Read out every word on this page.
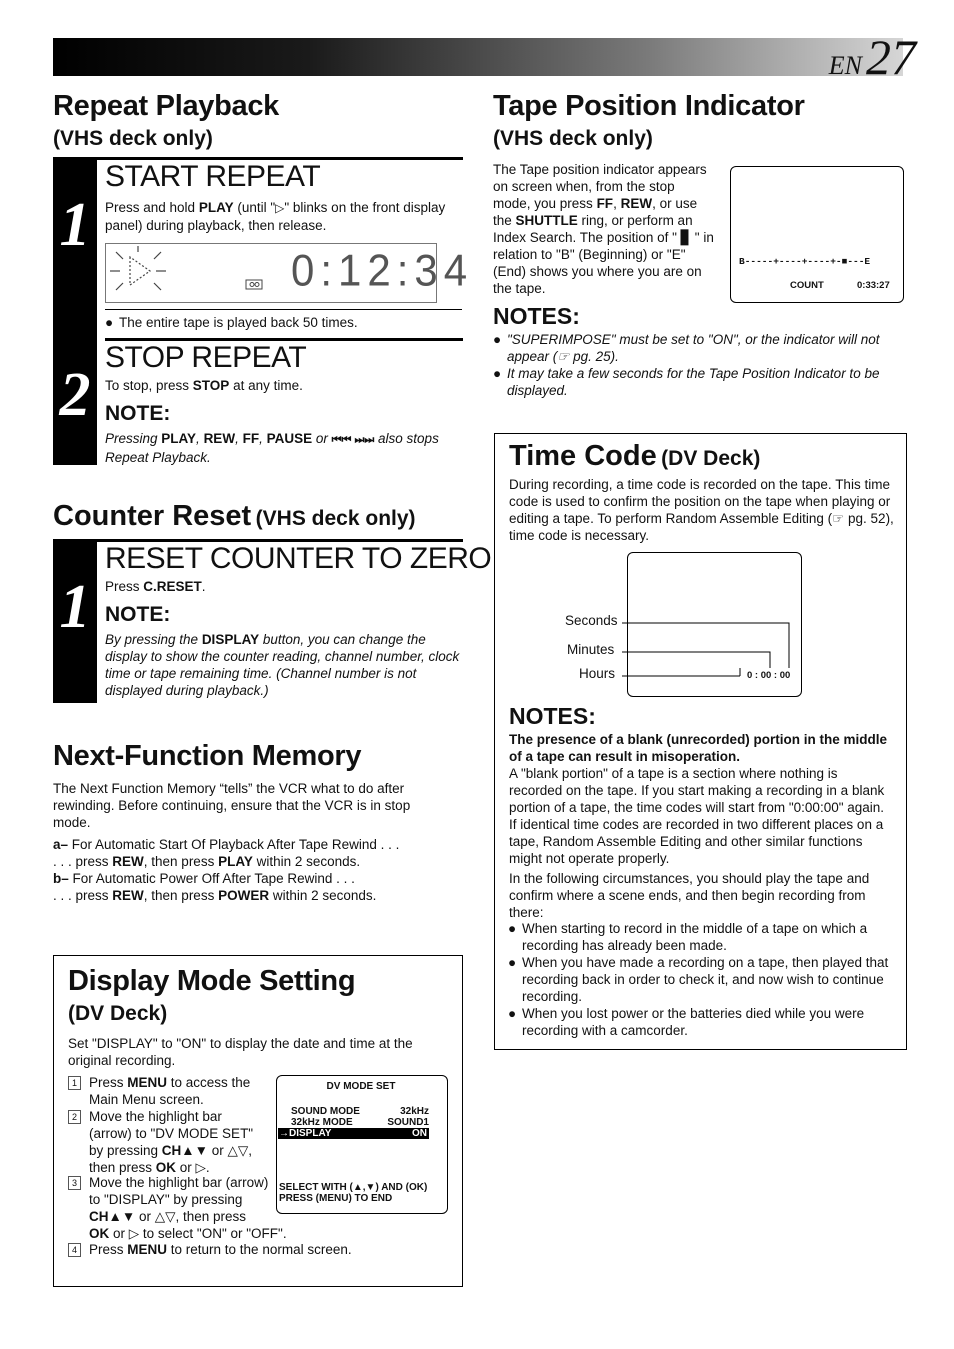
EN 27
Repeat Playback
(VHS deck only)
1
START REPEAT
Press and hold PLAY (until "▷" blinks on the front display panel) during playback, then release.
0:12:34
The entire tape is played back 50 times.
2
STOP REPEAT
To stop, press STOP at any time.
NOTE:
Pressing PLAY, REW, FF, PAUSE or ⏮⏮ ⏭⏭ also stops Repeat Playback.
Counter Reset (VHS deck only)
1
RESET COUNTER TO ZERO
Press C.RESET.
NOTE:
By pressing the DISPLAY button, you can change the display to show the counter reading, channel number, clock time or tape remaining time. (Channel number is not displayed during playback.)
Next-Function Memory
The Next Function Memory “tells” the VCR what to do after rewinding. Before continuing, ensure that the VCR is in stop mode.
a– For Automatic Start Of Playback After Tape Rewind . . .
. . . press REW, then press PLAY within 2 seconds.
b– For Automatic Power Off After Tape Rewind . . .
. . . press REW, then press POWER within 2 seconds.
Display Mode Setting
(DV Deck)
Set "DISPLAY" to "ON" to display the date and time at the original recording.
1 Press MENU to access the Main Menu screen.
2 Move the highlight bar (arrow) to "DV MODE SET" by pressing CH▲▼ or △▽, then press OK or ▷.
3 Move the highlight bar (arrow) to "DISPLAY" by pressing CH▲▼ or △▽, then press
OK or ▷ to select "ON" or "OFF".
4 Press MENU to return to the normal screen.
DV MODE SET
SOUND MODE	32kHz
32kHz MODE	SOUND1
→DISPLAY	ON
SELECT WITH (▲,▼) AND (OK)
PRESS (MENU) TO END
Tape Position Indicator
(VHS deck only)
The Tape position indicator appears on screen when, from the stop mode, you press FF, REW, or use the SHUTTLE ring, or perform an Index Search. The position of " ▊ " in relation to "B" (Beginning) or "E" (End) shows you where you are on the tape.
B-----+----+----+-■---E
COUNT	0:33:27
NOTES:
"SUPERIMPOSE" must be set to "ON", or the indicator will not appear (☞ pg. 25).
It may take a few seconds for the Tape Position Indicator to be displayed.
Time Code (DV Deck)
During recording, a time code is recorded on the tape. This time code is used to confirm the position on the tape when playing or editing a tape. To perform Random Assemble Editing (☞ pg. 52), time code is necessary.
Seconds
Minutes
Hours	0 : 00 : 00
NOTES:
The presence of a blank (unrecorded) portion in the middle of a tape can result in misoperation.
A "blank portion" of a tape is a section where nothing is recorded on the tape. If you start making a recording in a blank portion of a tape, the time codes will start from "0:00:00" again. If identical time codes are recorded in two different places on a tape, Random Assemble Editing and other similar functions might not operate properly.
In the following circumstances, you should play the tape and confirm where a scene ends, and then begin recording from there:
When starting to record in the middle of a tape on which a recording has already been made.
When you have made a recording on a tape, then played that recording back in order to check it, and now wish to continue recording.
When you lost power or the batteries died while you were recording with a camcorder.
